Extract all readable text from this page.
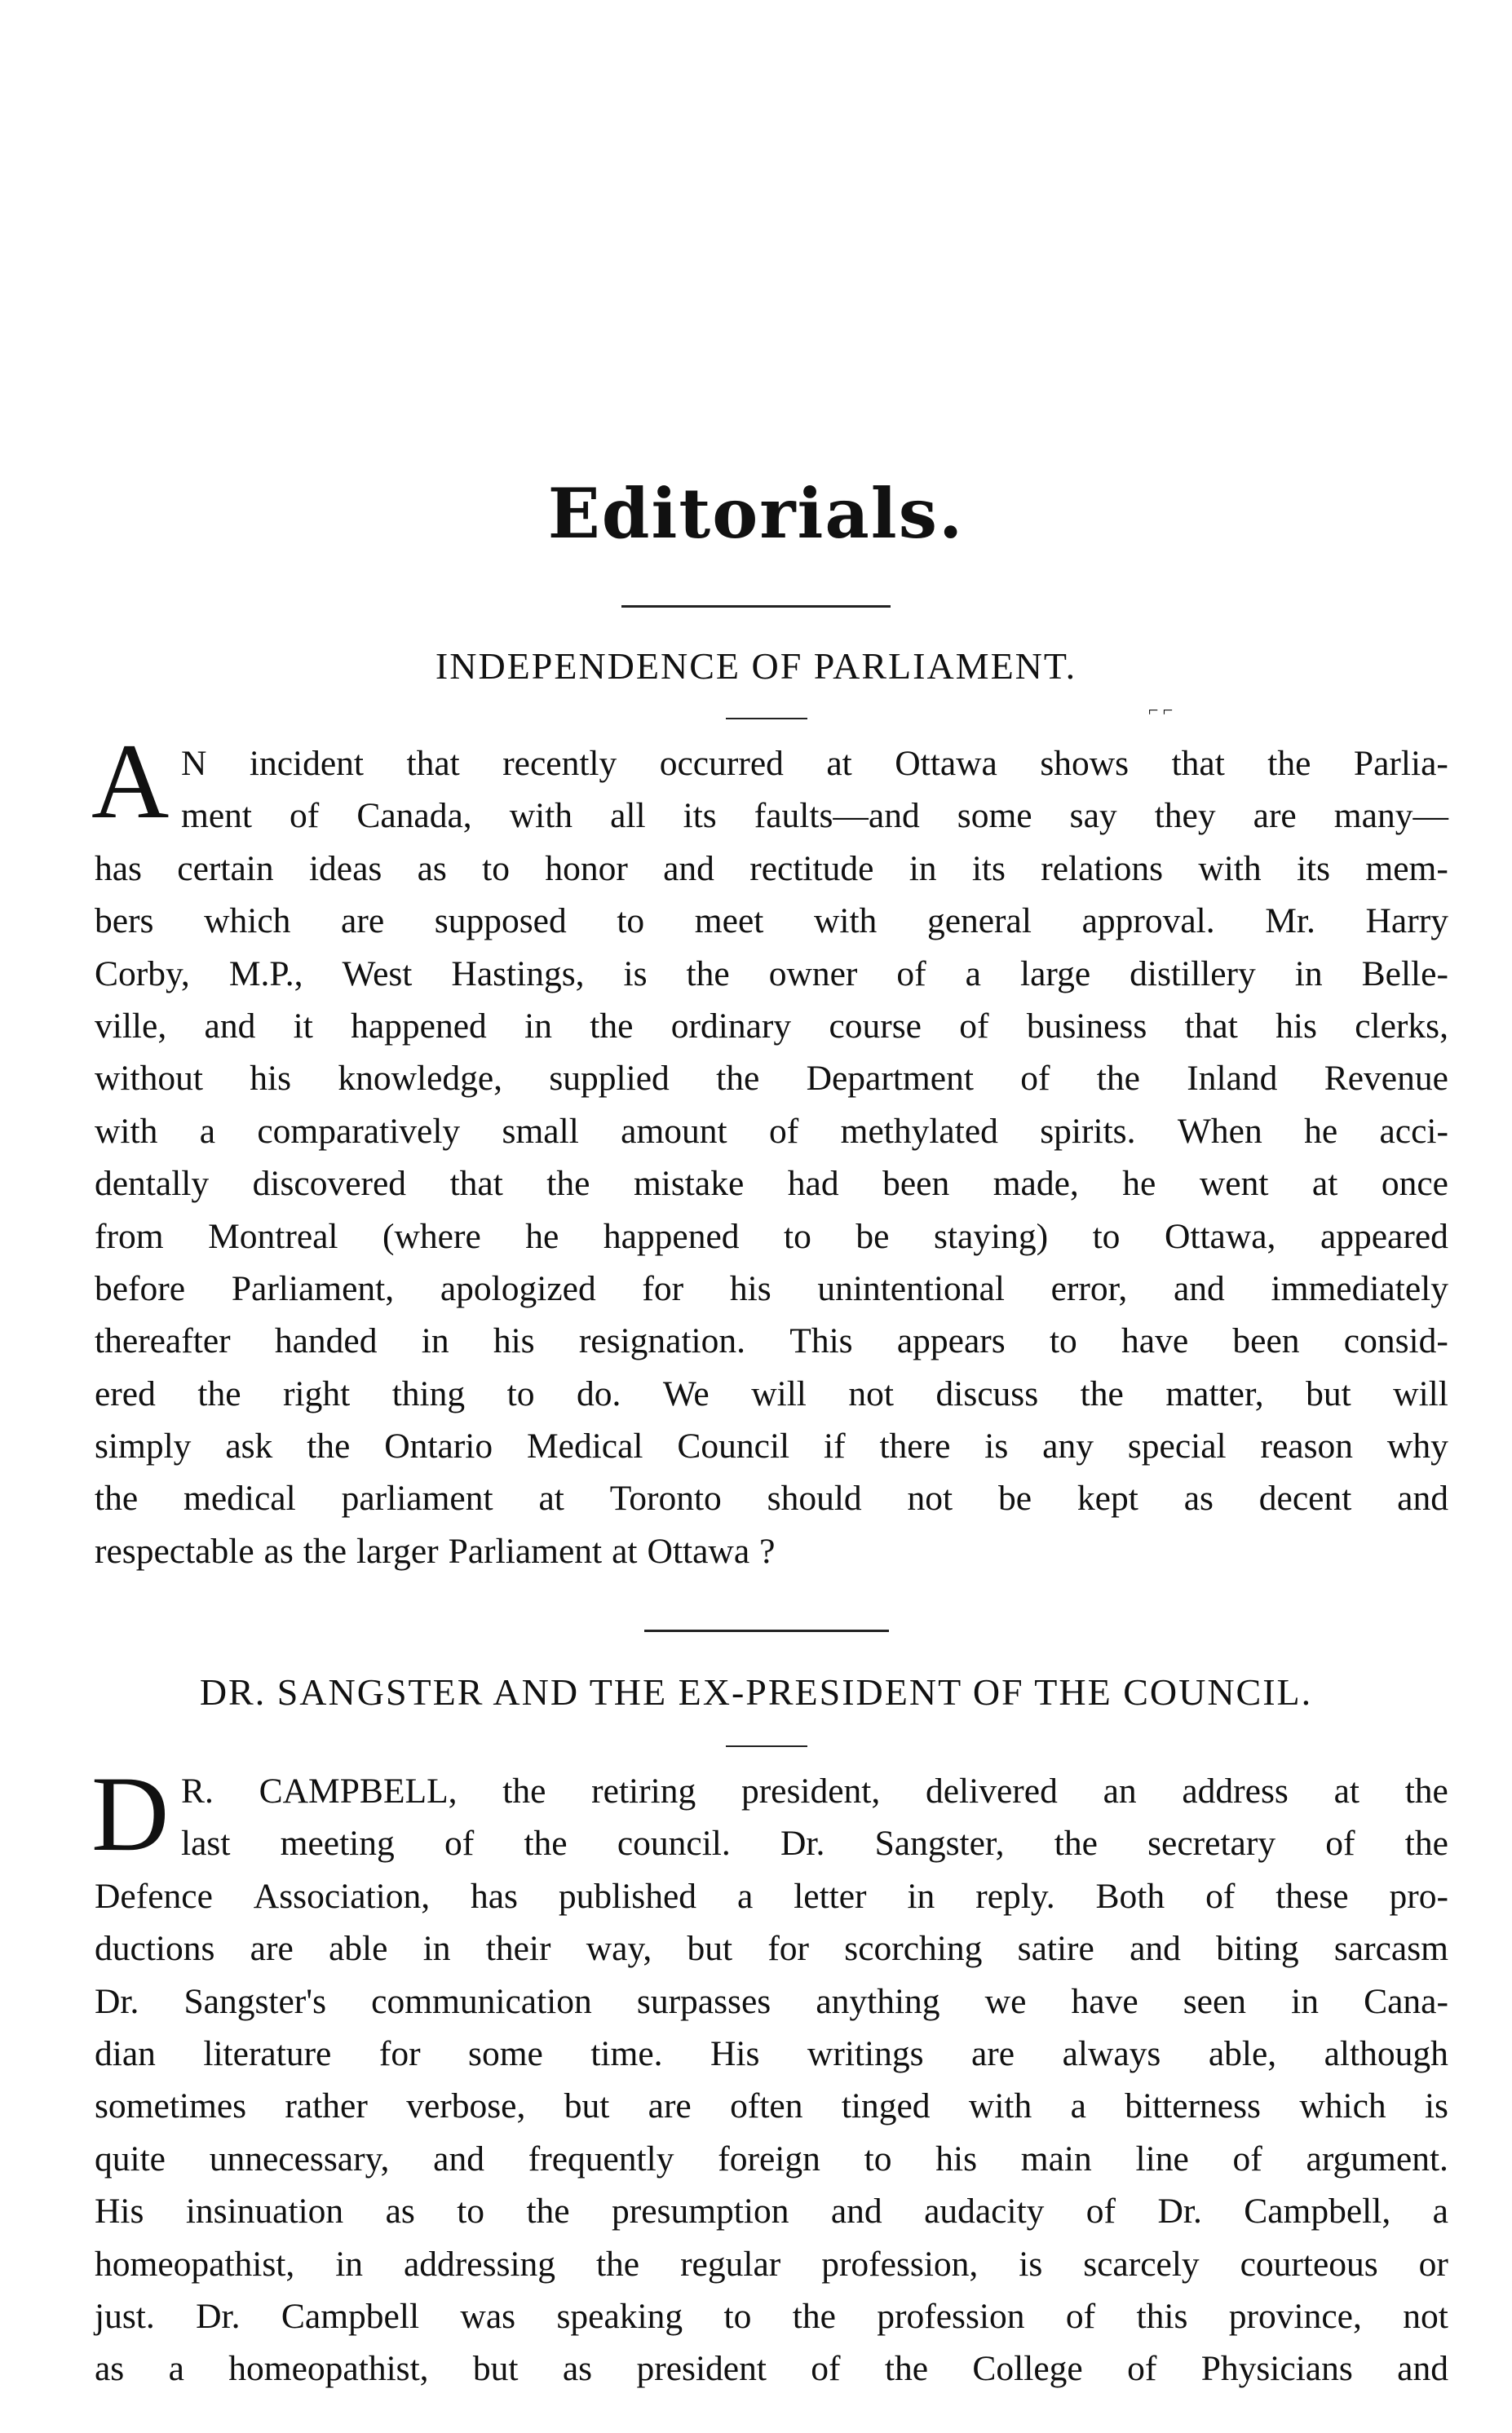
Editorials.
INDEPENDENCE OF PARLIAMENT.
⌐ ⌐
A N incident that recently occurred at Ottawa shows that the Parlia-
ment of Canada, with all its faults—and some say they are many—
has certain ideas as to honor and rectitude in its relations with its mem-
bers which are supposed to meet with general approval. Mr. Harry
Corby, M.P., West Hastings, is the owner of a large distillery in Belle-
ville, and it happened in the ordinary course of business that his clerks,
without his knowledge, supplied the Department of the Inland Revenue
with a comparatively small amount of methylated spirits. When he acci-
dentally discovered that the mistake had been made, he went at once
from Montreal (where he happened to be staying) to Ottawa, appeared
before Parliament, apologized for his unintentional error, and immediately
thereafter handed in his resignation. This appears to have been consid-
ered the right thing to do. We will not discuss the matter, but will
simply ask the Ontario Medical Council if there is any special reason why
the medical parliament at Toronto should not be kept as decent and
respectable as the larger Parliament at Ottawa ?
DR. SANGSTER AND THE EX-PRESIDENT OF THE COUNCIL.
D R. CAMPBELL, the retiring president, delivered an address at the
last meeting of the council. Dr. Sangster, the secretary of the
Defence Association, has published a letter in reply. Both of these pro-
ductions are able in their way, but for scorching satire and biting sarcasm
Dr. Sangster's communication surpasses anything we have seen in Cana-
dian literature for some time. His writings are always able, although
sometimes rather verbose, but are often tinged with a bitterness which is
quite unnecessary, and frequently foreign to his main line of argument.
His insinuation as to the presumption and audacity of Dr. Campbell, a
homeopathist, in addressing the regular profession, is scarcely courteous or
just. Dr. Campbell was speaking to the profession of this province, not
as a homeopathist, but as president of the College of Physicians and
